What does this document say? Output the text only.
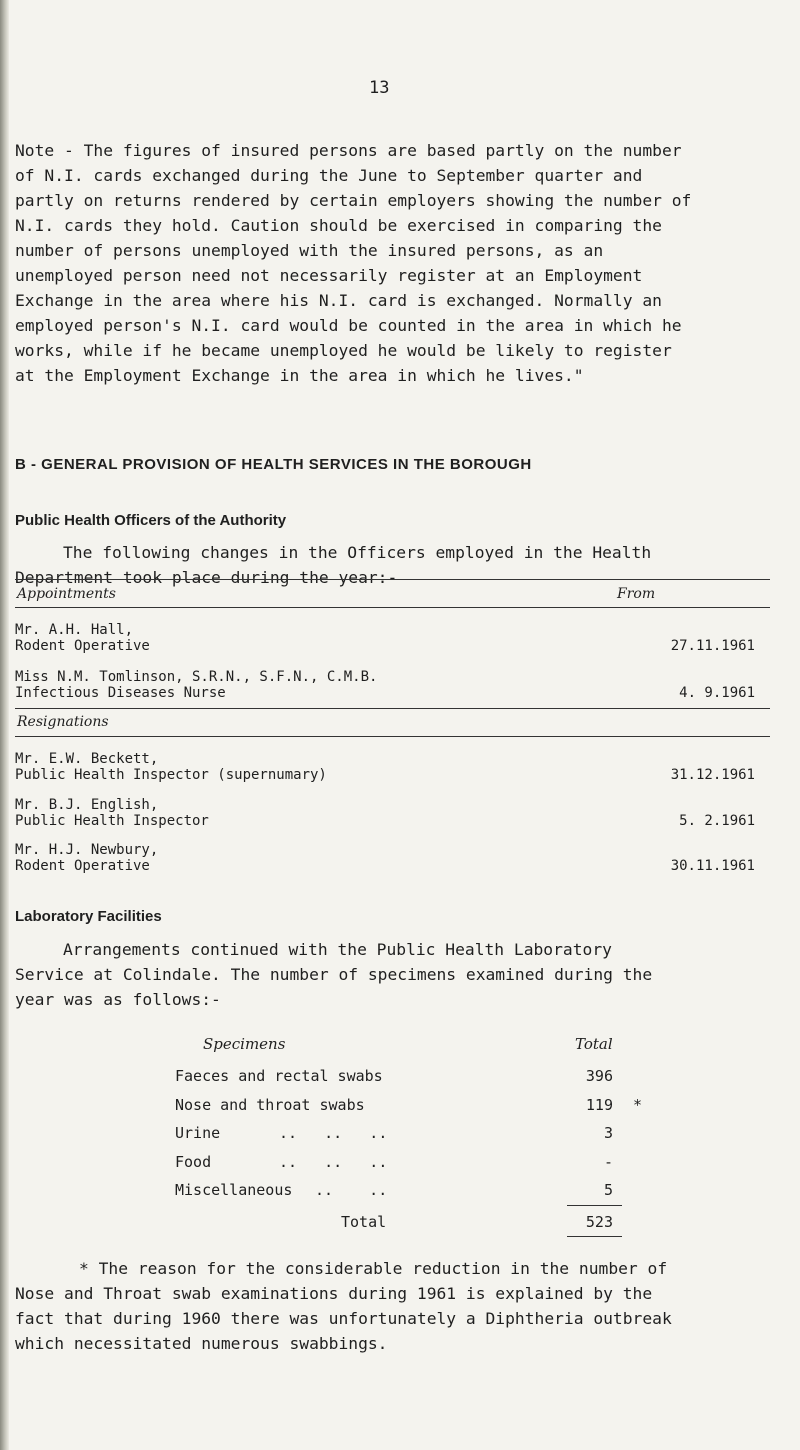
13
Note - The figures of insured persons are based partly on the number
of N.I. cards exchanged during the June to September quarter and
partly on returns rendered by certain employers showing the number of
N.I. cards they hold. Caution should be exercised in comparing the
number of persons unemployed with the insured persons, as an
unemployed person need not necessarily register at an Employment
Exchange in the area where his N.I. card is exchanged. Normally an
employed person's N.I. card would be counted in the area in which he
works, while if he became unemployed he would be likely to register
at the Employment Exchange in the area in which he lives."
B - GENERAL PROVISION OF HEALTH SERVICES IN THE BOROUGH
Public Health Officers of the Authority
The following changes in the Officers employed in the Health
Department took place during the year:-
Appointments	From
Mr. A.H. Hall,
Rodent Operative	27.11.1961
Miss N.M. Tomlinson, S.R.N., S.F.N., C.M.B.
Infectious Diseases Nurse	4. 9.1961
Resignations
Mr. E.W. Beckett,
Public Health Inspector (supernumary)	31.12.1961
Mr. B.J. English,
Public Health Inspector	5. 2.1961
Mr. H.J. Newbury,
Rodent Operative	30.11.1961
Laboratory Facilities
Arrangements continued with the Public Health Laboratory
Service at Colindale. The number of specimens examined during the
year was as follows:-
Specimens	Total
Faeces and rectal swabs	396
Nose and throat swabs	119 *
Urine	..   ..   ..	3
Food	..   ..   ..	-
Miscellaneous ..    ..	5
Total	523
* The reason for the considerable reduction in the number of
Nose and Throat swab examinations during 1961 is explained by the
fact that during 1960 there was unfortunately a Diphtheria outbreak
which necessitated numerous swabbings.
